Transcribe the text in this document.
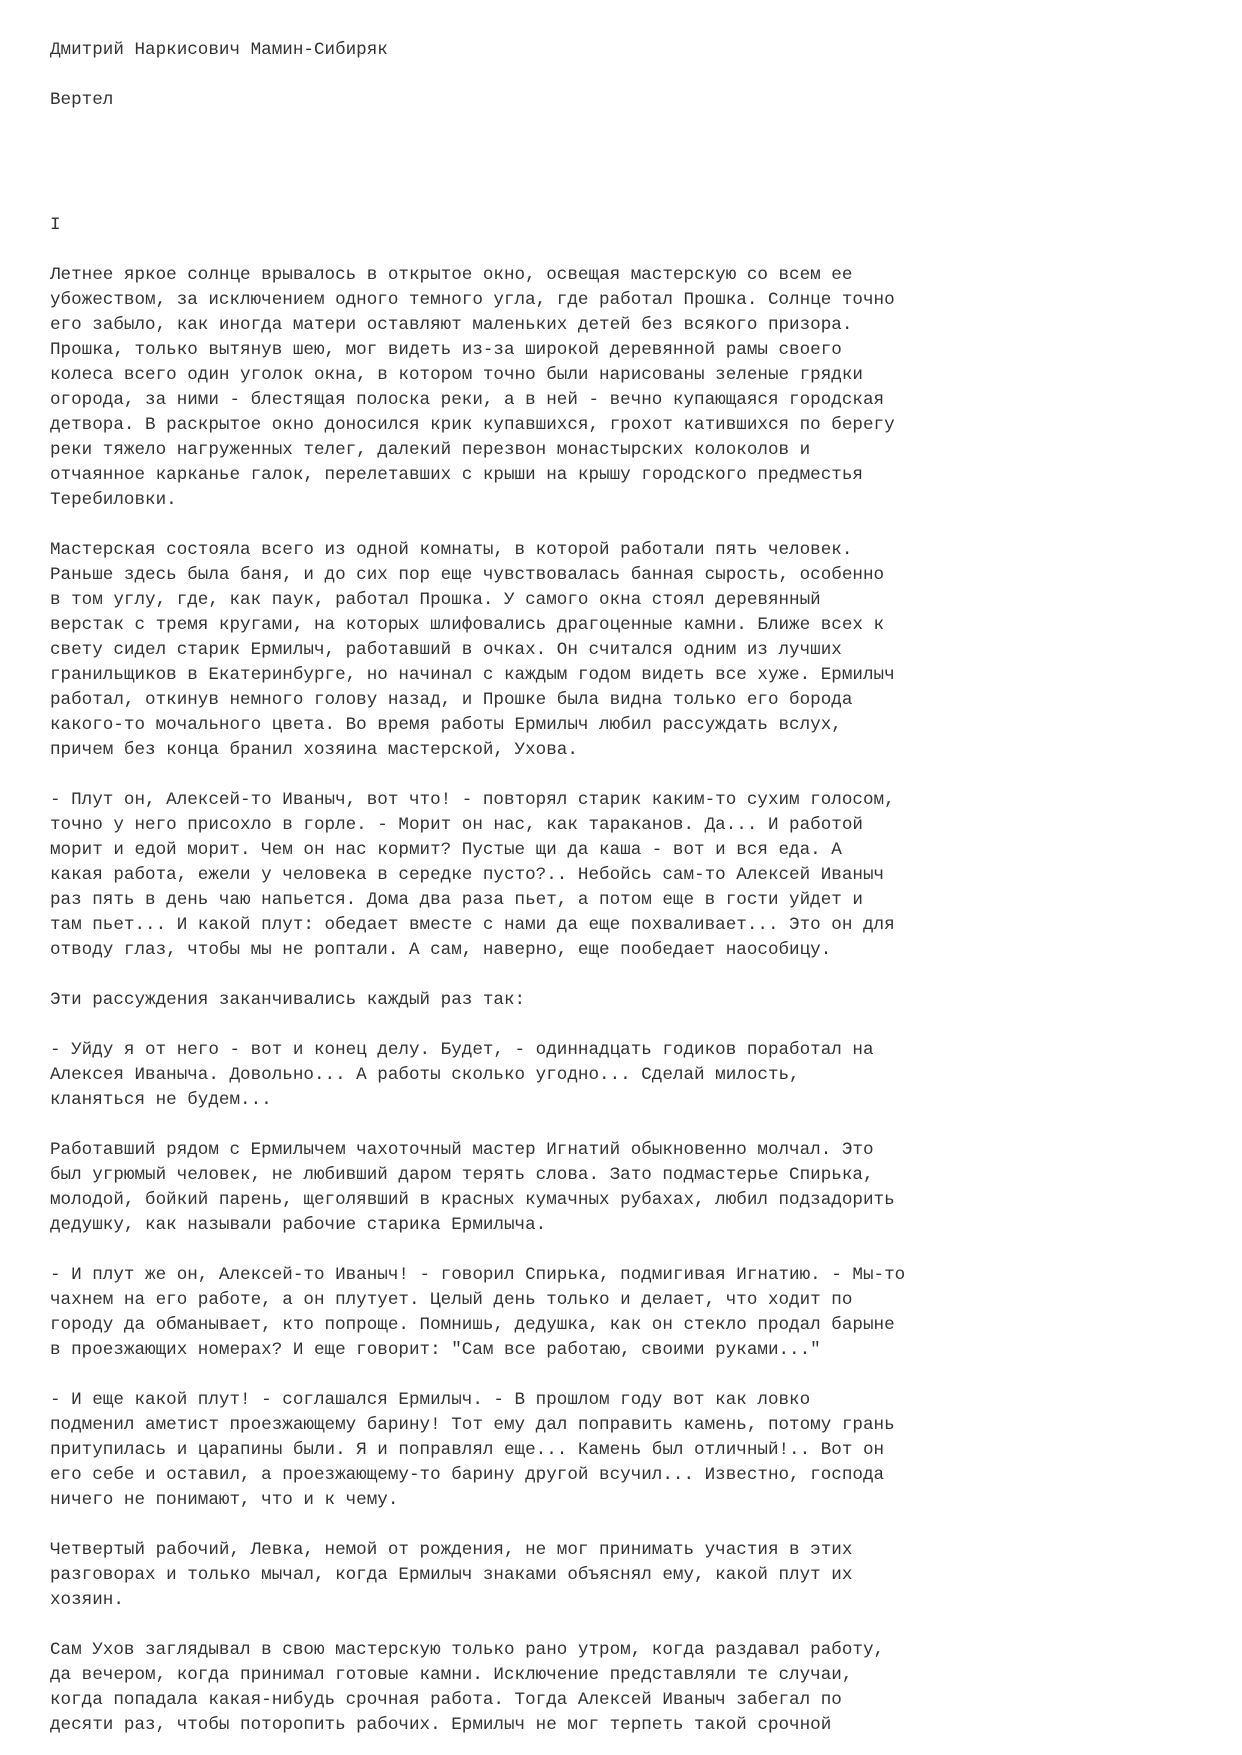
Дмитрий Наркисович Мамин-Сибиряк
Вертел
I
Летнее яркое солнце врывалось в открытое окно, освещая мастерскую со всем ее
убожеством, за исключением одного темного угла, где работал Прошка. Солнце точно
его забыло, как иногда матери оставляют маленьких детей без всякого призора.
Прошка, только вытянув шею, мог видеть из-за широкой деревянной рамы своего
колеса всего один уголок окна, в котором точно были нарисованы зеленые грядки
огорода, за ними - блестящая полоска реки, а в ней - вечно купающаяся городская
детвора. В раскрытое окно доносился крик купавшихся, грохот катившихся по берегу
реки тяжело нагруженных телег, далекий перезвон монастырских колоколов и
отчаянное карканье галок, перелетавших с крыши на крышу городского предместья
Теребиловки.
Мастерская состояла всего из одной комнаты, в которой работали пять человек.
Раньше здесь была баня, и до сих пор еще чувствовалась банная сырость, особенно
в том углу, где, как паук, работал Прошка. У самого окна стоял деревянный
верстак с тремя кругами, на которых шлифовались драгоценные камни. Ближе всех к
свету сидел старик Ермилыч, работавший в очках. Он считался одним из лучших
гранильщиков в Екатеринбурге, но начинал с каждым годом видеть все хуже. Ермилыч
работал, откинув немного голову назад, и Прошке была видна только его борода
какого-то мочального цвета. Во время работы Ермилыч любил рассуждать вслух,
причем без конца бранил хозяина мастерской, Ухова.
- Плут он, Алексей-то Иваныч, вот что! - повторял старик каким-то сухим голосом,
точно у него присохло в горле. - Морит он нас, как тараканов. Да... И работой
морит и едой морит. Чем он нас кормит? Пустые щи да каша - вот и вся еда. А
какая работа, ежели у человека в середке пусто?.. Небойсь сам-то Алексей Иваныч
раз пять в день чаю напьется. Дома два раза пьет, а потом еще в гости уйдет и
там пьет... И какой плут: обедает вместе с нами да еще похваливает... Это он для
отводу глаз, чтобы мы не роптали. А сам, наверно, еще пообедает наособицу.
Эти рассуждения заканчивались каждый раз так:
- Уйду я от него - вот и конец делу. Будет, - одиннадцать годиков поработал на
Алексея Иваныча. Довольно... А работы сколько угодно... Сделай милость,
кланяться не будем...
Работавший рядом с Ермилычем чахоточный мастер Игнатий обыкновенно молчал. Это
был угрюмый человек, не любивший даром терять слова. Зато подмастерье Спирька,
молодой, бойкий парень, щеголявший в красных кумачных рубахах, любил подзадорить
дедушку, как называли рабочие старика Ермилыча.
- И плут же он, Алексей-то Иваныч! - говорил Спирька, подмигивая Игнатию. - Мы-то
чахнем на его работе, а он плутует. Целый день только и делает, что ходит по
городу да обманывает, кто попроще. Помнишь, дедушка, как он стекло продал барыне
в проезжающих номерах? И еще говорит: "Сам все работаю, своими руками..."
- И еще какой плут! - соглашался Ермилыч. - В прошлом году вот как ловко
подменил аметист проезжающему барину! Тот ему дал поправить камень, потому грань
притупилась и царапины были. Я и поправлял еще... Камень был отличный!.. Вот он
его себе и оставил, а проезжающему-то барину другой всучил... Известно, господа
ничего не понимают, что и к чему.
Четвертый рабочий, Левка, немой от рождения, не мог принимать участия в этих
разговорах и только мычал, когда Ермилыч знаками объяснял ему, какой плут их
хозяин.
Сам Ухов заглядывал в свою мастерскую только рано утром, когда раздавал работу,
да вечером, когда принимал готовые камни. Исключение представляли те случаи,
когда попадала какая-нибудь срочная работа. Тогда Алексей Иваныч забегал по
десяти раз, чтобы поторопить рабочих. Ермилыч не мог терпеть такой срочной
